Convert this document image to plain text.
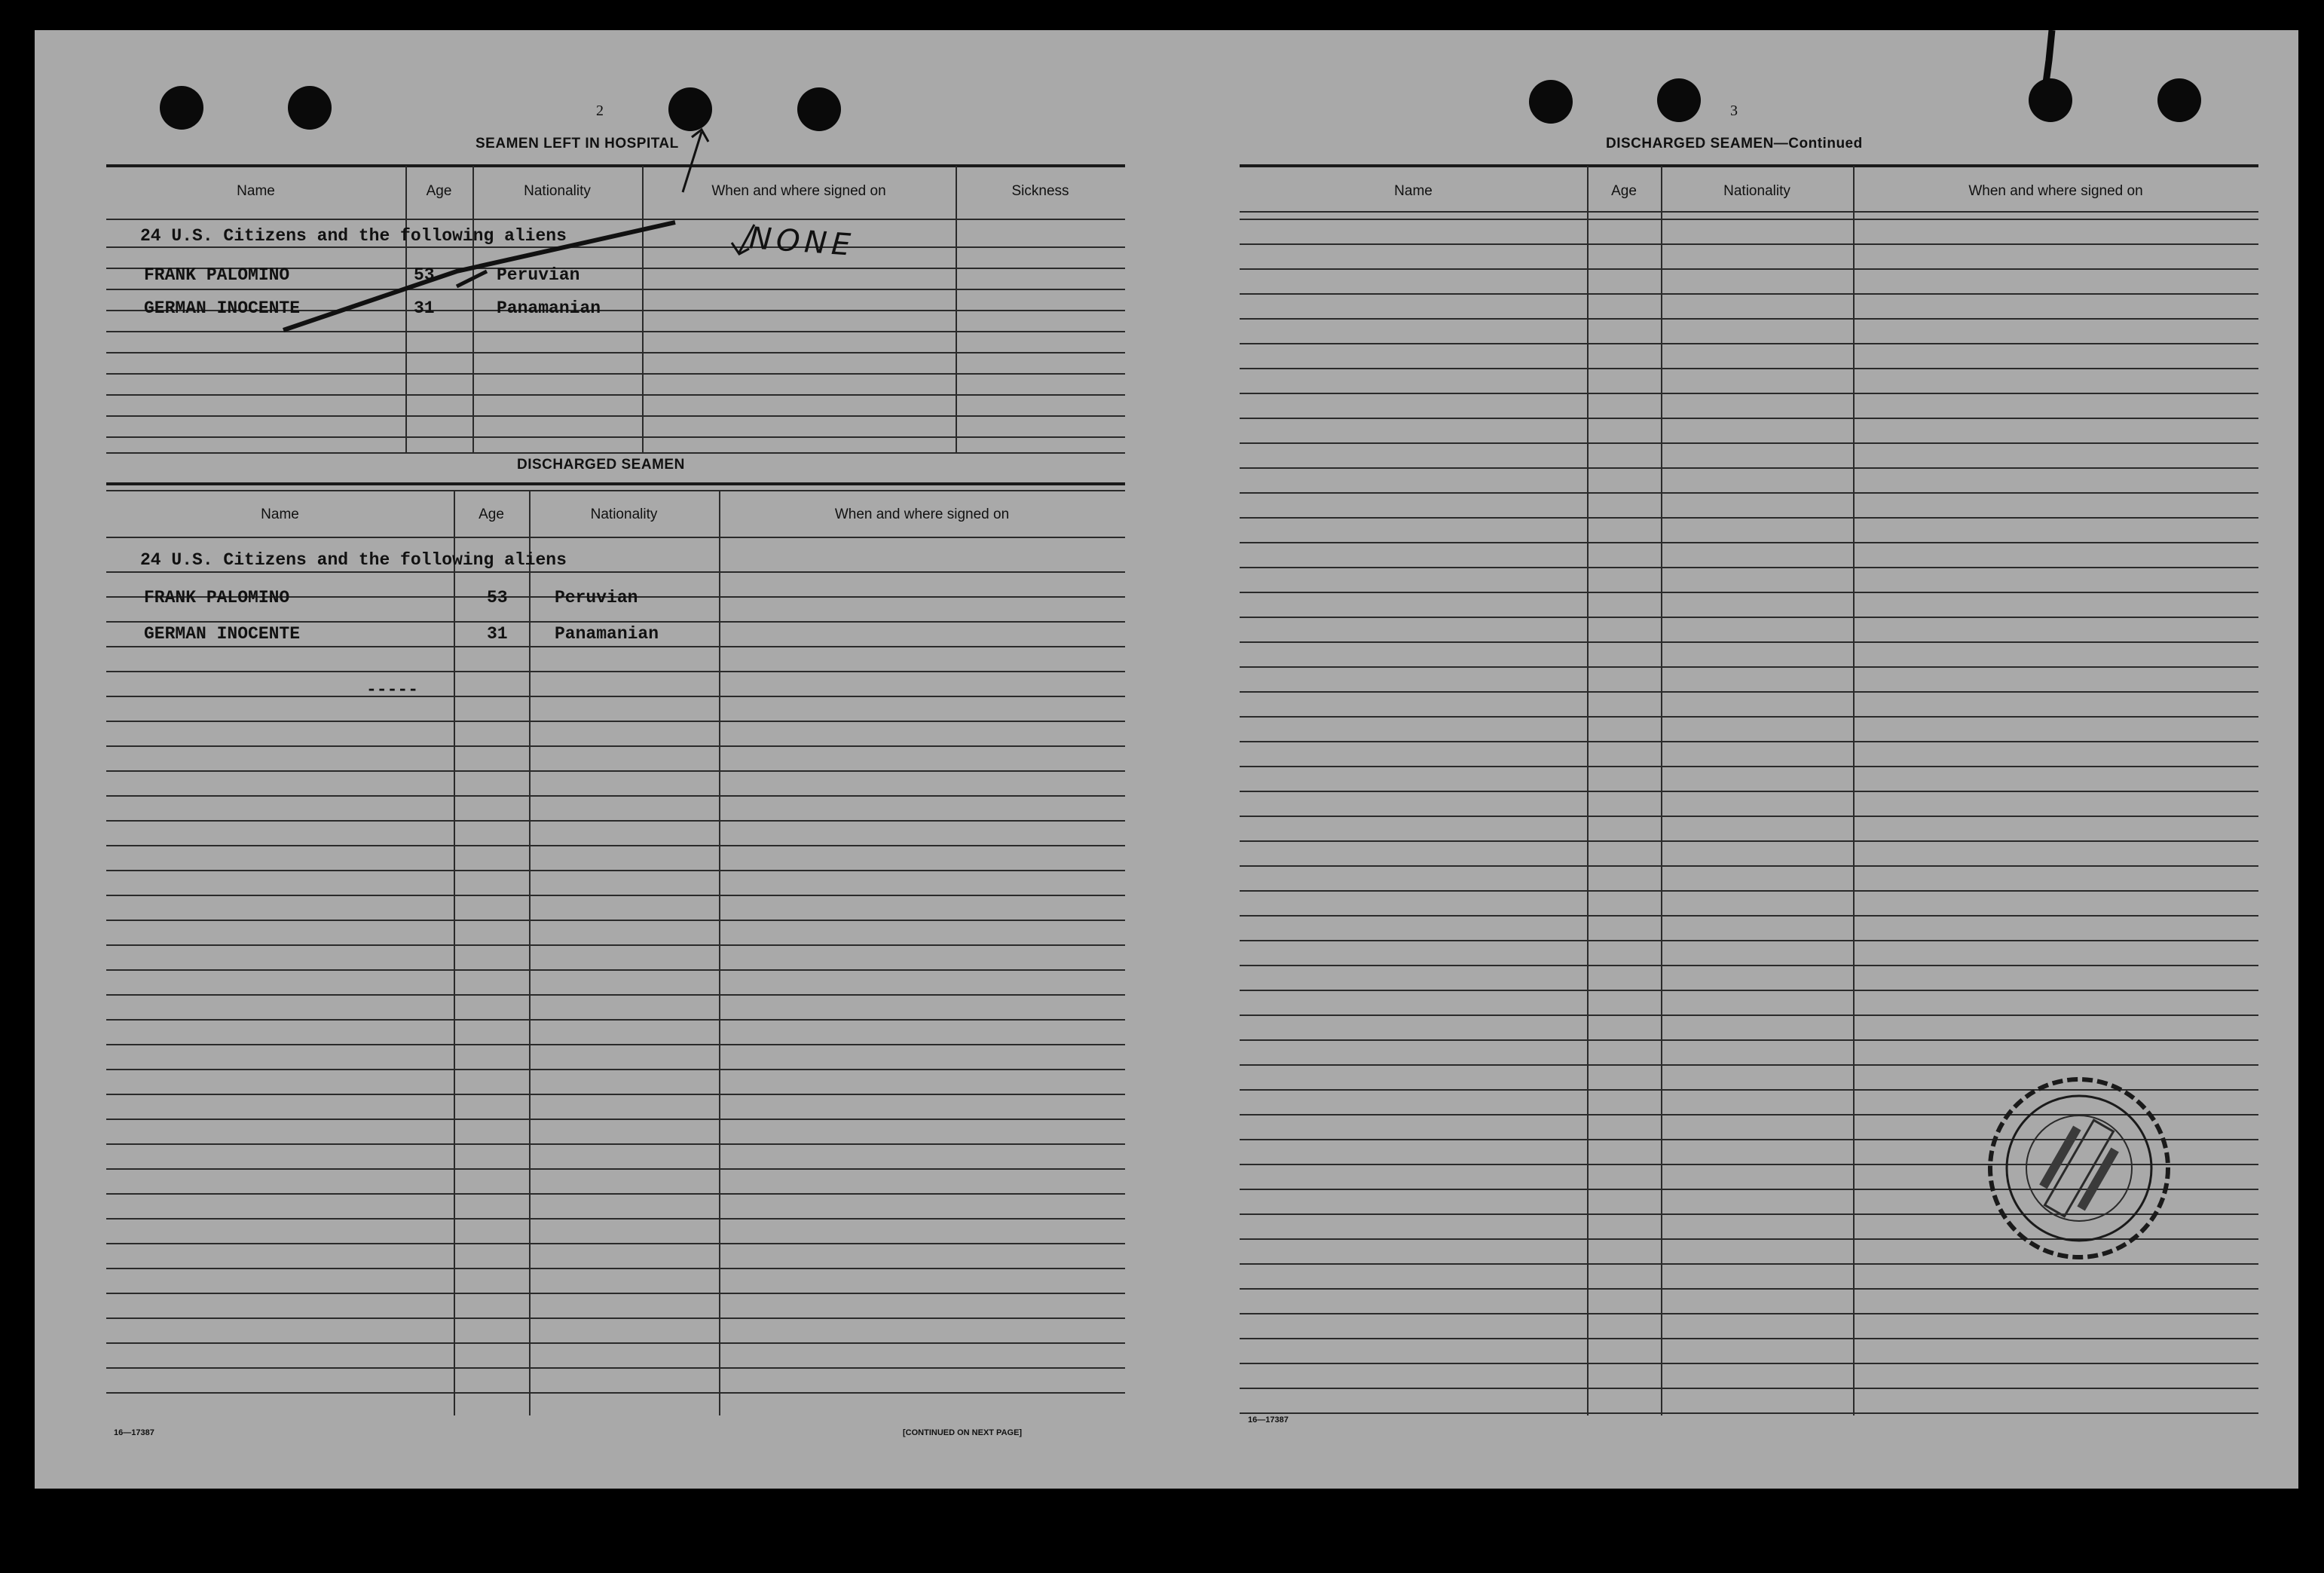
2
SEAMEN LEFT IN HOSPITAL
Name	Age	Nationality	When and where signed on	Sickness
24 U.S. Citizens and the following aliens
FRANK PALOMINO	53	Peruvian
GERMAN INOCENTE	31	Panamanian
NONE
DISCHARGED SEAMEN
Name	Age	Nationality	When and where signed on
24 U.S. Citizens and the following aliens
FRANK PALOMINO	53	Peruvian
GERMAN INOCENTE	31	Panamanian
-----
16—17387	[CONTINUED ON NEXT PAGE]
3
DISCHARGED SEAMEN—Continued
Name	Age	Nationality	When and where signed on
16—17387
